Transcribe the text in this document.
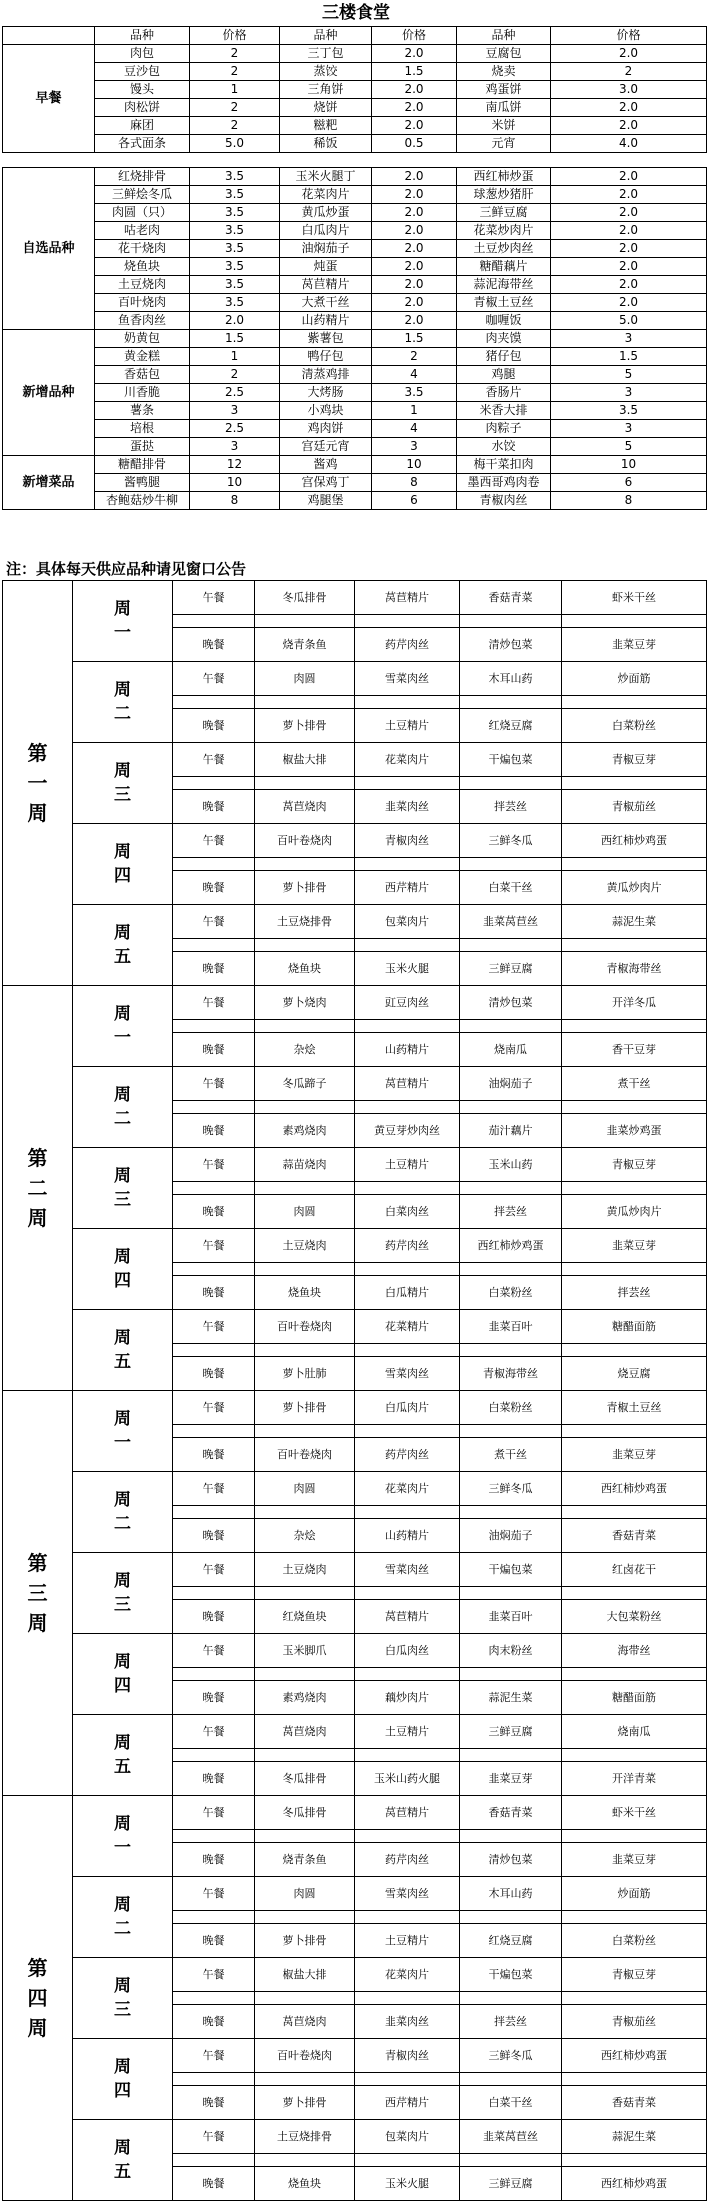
三楼食堂
	品种	价格	品种	价格	品种	价格
早餐	肉包	2	三丁包	2.0	豆腐包	2.0
	豆沙包	2	蒸饺	1.5	烧卖	2
	馒头	1	三角饼	2.0	鸡蛋饼	3.0
	肉松饼	2	烧饼	2.0	南瓜饼	2.0
	麻团	2	糍粑	2.0	米饼	2.0
	各式面条	5.0	稀饭	0.5	元宵	4.0

自选品种	红烧排骨	3.5	玉米火腿丁	2.0	西红柿炒蛋	2.0
	三鲜烩冬瓜	3.5	花菜肉片	2.0	球葱炒猪肝	2.0
	肉圆（只）	3.5	黄瓜炒蛋	2.0	三鲜豆腐	2.0
	咕老肉	3.5	白瓜肉片	2.0	花菜炒肉片	2.0
	花干烧肉	3.5	油焖茄子	2.0	土豆炒肉丝	2.0
	烧鱼块	3.5	炖蛋	2.0	糖醋藕片	2.0
	土豆烧肉	3.5	莴苣精片	2.0	蒜泥海带丝	2.0
	百叶烧肉	3.5	大煮干丝	2.0	青椒土豆丝	2.0
	鱼香肉丝	2.0	山药精片	2.0	咖喱饭	5.0
新增品种	奶黄包	1.5	紫薯包	1.5	肉夹馍	3
	黄金糕	1	鸭仔包	2	猪仔包	1.5
	香菇包	2	清蒸鸡排	4	鸡腿	5
	川香脆	2.5	大烤肠	3.5	香肠片	3
	薯条	3	小鸡块	1	米香大排	3.5
	培根	2.5	鸡肉饼	4	肉粽子	3
	蛋挞	3	宫廷元宵	3	水饺	5
新增菜品	糖醋排骨	12	酱鸡	10	梅干菜扣肉	10
	酱鸭腿	10	宫保鸡丁	8	墨西哥鸡肉卷	6
	杏鲍菇炒牛柳	8	鸡腿堡	6	青椒肉丝	8
注：具体每天供应品种请见窗口公告
第一周	周一	午餐	冬瓜排骨	莴苣精片	香菇青菜	虾米干丝

		晚餐	烧青条鱼	药芹肉丝	清炒包菜	韭菜豆芽
	周二	午餐	肉圆	雪菜肉丝	木耳山药	炒面筋

		晚餐	萝卜排骨	土豆精片	红烧豆腐	白菜粉丝
	周三	午餐	椒盐大排	花菜肉片	干煸包菜	青椒豆芽

		晚餐	莴苣烧肉	韭菜肉丝	拌芸丝	青椒茄丝
	周四	午餐	百叶卷烧肉	青椒肉丝	三鲜冬瓜	西红柿炒鸡蛋

		晚餐	萝卜排骨	西芹精片	白菜干丝	黄瓜炒肉片
	周五	午餐	土豆烧排骨	包菜肉片	韭菜莴苣丝	蒜泥生菜

		晚餐	烧鱼块	玉米火腿	三鲜豆腐	青椒海带丝
第二周	周一	午餐	萝卜烧肉	豇豆肉丝	清炒包菜	开洋冬瓜

		晚餐	杂烩	山药精片	烧南瓜	香干豆芽
	周二	午餐	冬瓜蹄子	莴苣精片	油焖茄子	煮干丝

		晚餐	素鸡烧肉	黄豆芽炒肉丝	茄汁藕片	韭菜炒鸡蛋
	周三	午餐	蒜苗烧肉	土豆精片	玉米山药	青椒豆芽

		晚餐	肉圆	白菜肉丝	拌芸丝	黄瓜炒肉片
	周四	午餐	土豆烧肉	药芹肉丝	西红柿炒鸡蛋	韭菜豆芽

		晚餐	烧鱼块	白瓜精片	白菜粉丝	拌芸丝
	周五	午餐	百叶卷烧肉	花菜精片	韭菜百叶	糖醋面筋

		晚餐	萝卜肚肺	雪菜肉丝	青椒海带丝	烧豆腐
第三周	周一	午餐	萝卜排骨	白瓜肉片	白菜粉丝	青椒土豆丝

		晚餐	百叶卷烧肉	药芹肉丝	煮干丝	韭菜豆芽
	周二	午餐	肉圆	花菜肉片	三鲜冬瓜	西红柿炒鸡蛋

		晚餐	杂烩	山药精片	油焖茄子	香菇青菜
	周三	午餐	土豆烧肉	雪菜肉丝	干煸包菜	红卤花干

		晚餐	红烧鱼块	莴苣精片	韭菜百叶	大包菜粉丝
	周四	午餐	玉米脚爪	白瓜肉丝	肉末粉丝	海带丝

		晚餐	素鸡烧肉	藕炒肉片	蒜泥生菜	糖醋面筋
	周五	午餐	莴苣烧肉	土豆精片	三鲜豆腐	烧南瓜

		晚餐	冬瓜排骨	玉米山药火腿	韭菜豆芽	开洋青菜
第四周	周一	午餐	冬瓜排骨	莴苣精片	香菇青菜	虾米干丝

		晚餐	烧青条鱼	药芹肉丝	清炒包菜	韭菜豆芽
	周二	午餐	肉圆	雪菜肉丝	木耳山药	炒面筋

		晚餐	萝卜排骨	土豆精片	红烧豆腐	白菜粉丝
	周三	午餐	椒盐大排	花菜肉片	干煸包菜	青椒豆芽

		晚餐	莴苣烧肉	韭菜肉丝	拌芸丝	青椒茄丝
	周四	午餐	百叶卷烧肉	青椒肉丝	三鲜冬瓜	西红柿炒鸡蛋

		晚餐	萝卜排骨	西芹精片	白菜干丝	香菇青菜
	周五	午餐	土豆烧排骨	包菜肉片	韭菜莴苣丝	蒜泥生菜

		晚餐	烧鱼块	玉米火腿	三鲜豆腐	西红柿炒鸡蛋
